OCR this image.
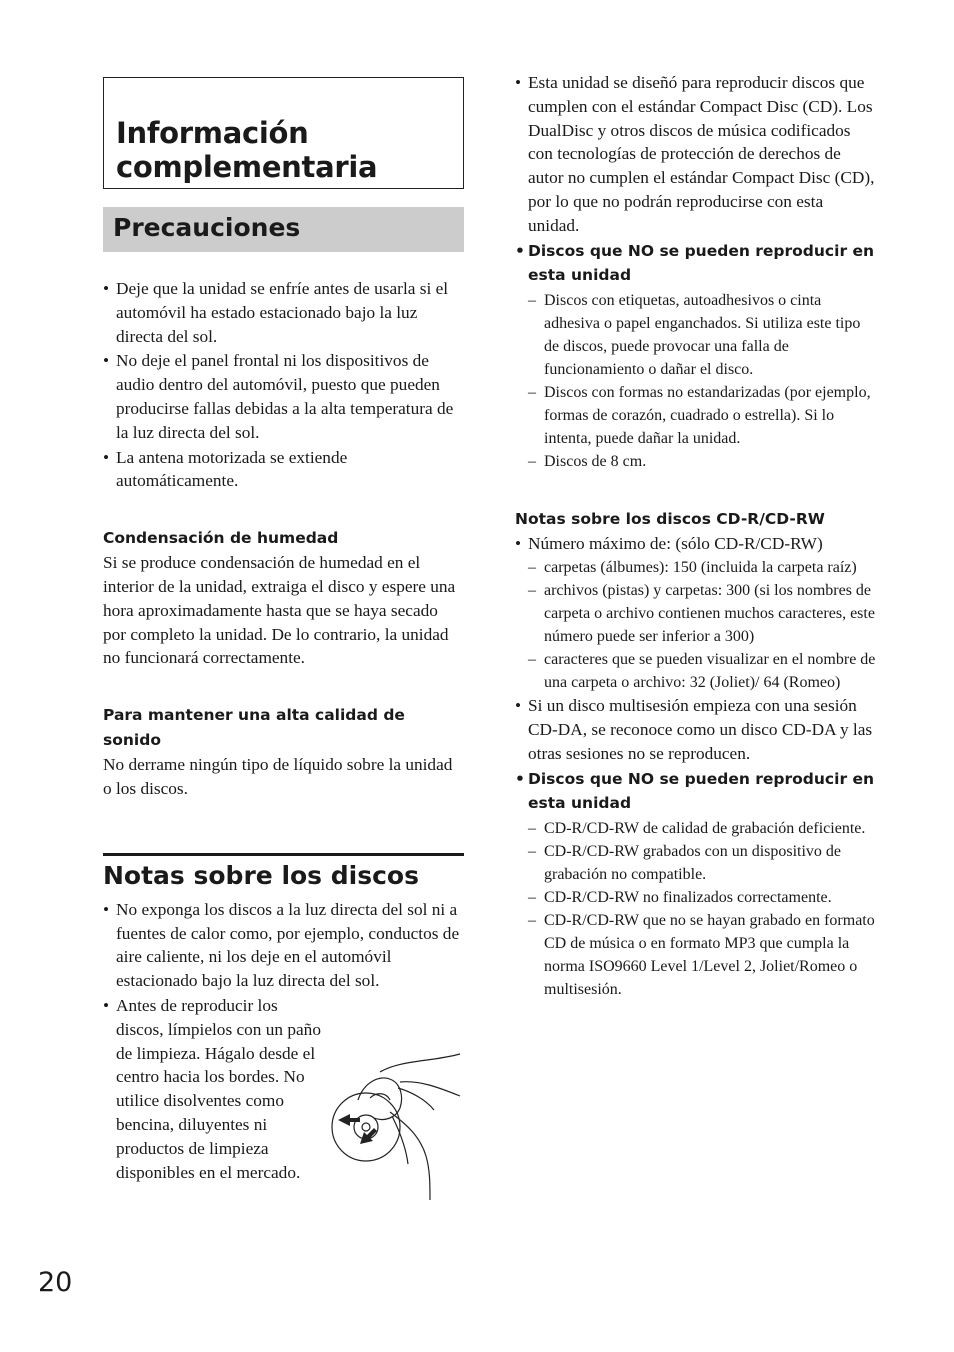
Información complementaria
Precauciones
• Deje que la unidad se enfríe antes de usarla si el automóvil ha estado estacionado bajo la luz directa del sol.
• No deje el panel frontal ni los dispositivos de audio dentro del automóvil, puesto que pueden producirse fallas debidas a la alta temperatura de la luz directa del sol.
• La antena motorizada se extiende automáticamente.
Condensación de humedad

Si se produce condensación de humedad en el interior de la unidad, extraiga el disco y espere una hora aproximadamente hasta que se haya secado por completo la unidad. De lo contrario, la unidad no funcionará correctamente.

Para mantener una alta calidad de sonido

No derrame ningún tipo de líquido sobre la unidad o los discos.

Notas sobre los discos
• No exponga los discos a la luz directa del sol ni a fuentes de calor como, por ejemplo, conductos de aire caliente, ni los deje en el automóvil estacionado bajo la luz directa del sol.
• Antes de reproducir los discos, límpielos con un paño de limpieza. Hágalo desde el centro hacia los bordes. No utilice disolventes como bencina, diluyentes ni productos de limpieza disponibles en el mercado.
• Esta unidad se diseñó para reproducir discos que cumplen con el estándar Compact Disc (CD). Los DualDisc y otros discos de música codificados con tecnologías de protección de derechos de autor no cumplen el estándar Compact Disc (CD), por lo que no podrán reproducirse con esta unidad.
• Discos que NO se pueden reproducir en esta unidad
– Discos con etiquetas, autoadhesivos o cinta adhesiva o papel enganchados. Si utiliza este tipo de discos, puede provocar una falla de funcionamiento o dañar el disco.
– Discos con formas no estandarizadas (por ejemplo, formas de corazón, cuadrado o estrella). Si lo intenta, puede dañar la unidad.
– Discos de 8 cm.
Notas sobre los discos CD-R/CD-RW
• Número máximo de: (sólo CD-R/CD-RW)
– carpetas (álbumes): 150 (incluida la carpeta raíz)
– archivos (pistas) y carpetas: 300 (si los nombres de carpeta o archivo contienen muchos caracteres, este número puede ser inferior a 300)
– caracteres que se pueden visualizar en el nombre de una carpeta o archivo: 32 (Joliet)/ 64 (Romeo)
• Si un disco multisesión empieza con una sesión CD-DA, se reconoce como un disco CD-DA y las otras sesiones no se reproducen.
• Discos que NO se pueden reproducir en esta unidad
– CD-R/CD-RW de calidad de grabación deficiente.
– CD-R/CD-RW grabados con un dispositivo de grabación no compatible.
– CD-R/CD-RW no finalizados correctamente.
– CD-R/CD-RW que no se hayan grabado en formato CD de música o en formato MP3 que cumpla la norma ISO9660 Level 1/Level 2, Joliet/Romeo o multisesión.
20
